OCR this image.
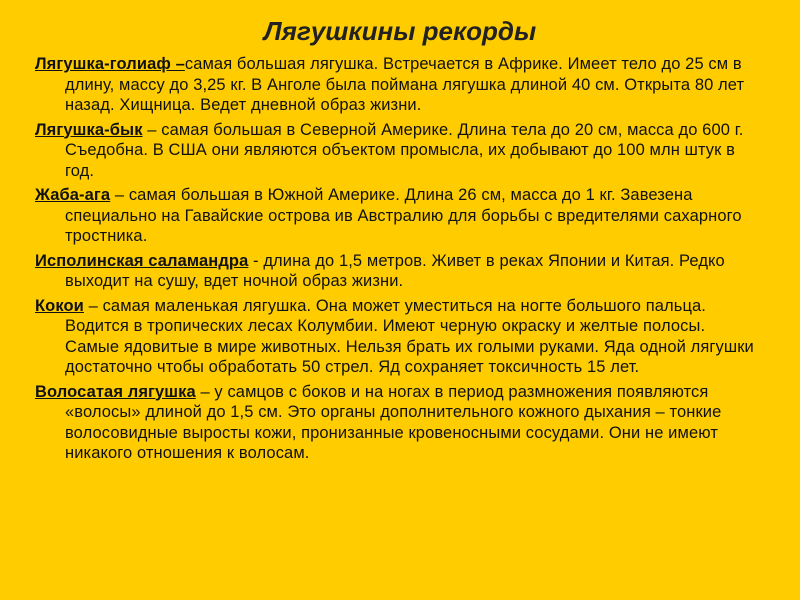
Лягушкины рекорды

Лягушка-голиаф –самая большая лягушка. Встречается в Африке. Имеет тело до 25 см в длину, массу до 3,25 кг. В Анголе была поймана лягушка длиной 40 см. Открыта 80 лет назад. Хищница. Ведет дневной образ жизни.

Лягушка-бык – самая большая в Северной Америке. Длина тела до 20 см, масса до 600 г. Съедобна. В США они являются объектом промысла, их добывают до 100 млн штук в год.

Жаба-ага – самая большая в Южной Америке. Длина 26 см, масса до 1 кг. Завезена специально на Гавайские острова ив Австралию для борьбы с вредителями сахарного тростника.

Исполинская саламандра - длина до 1,5 метров. Живет в реках Японии и Китая. Редко выходит на сушу, вдет ночной образ жизни.

Кокои – самая маленькая лягушка. Она может уместиться на ногте большого пальца. Водится в тропических лесах Колумбии. Имеют черную окраску и желтые полосы. Самые ядовитые в мире животных. Нельзя брать их голыми руками. Яда одной лягушки достаточно чтобы обработать 50 стрел. Яд сохраняет токсичность 15 лет.

Волосатая лягушка – у самцов с боков и на ногах в период размножения появляются «волосы» длиной до 1,5 см. Это органы дополнительного кожного дыхания – тонкие волосовидные выросты кожи, пронизанные кровеносными сосудами. Они не имеют никакого отношения к волосам.
